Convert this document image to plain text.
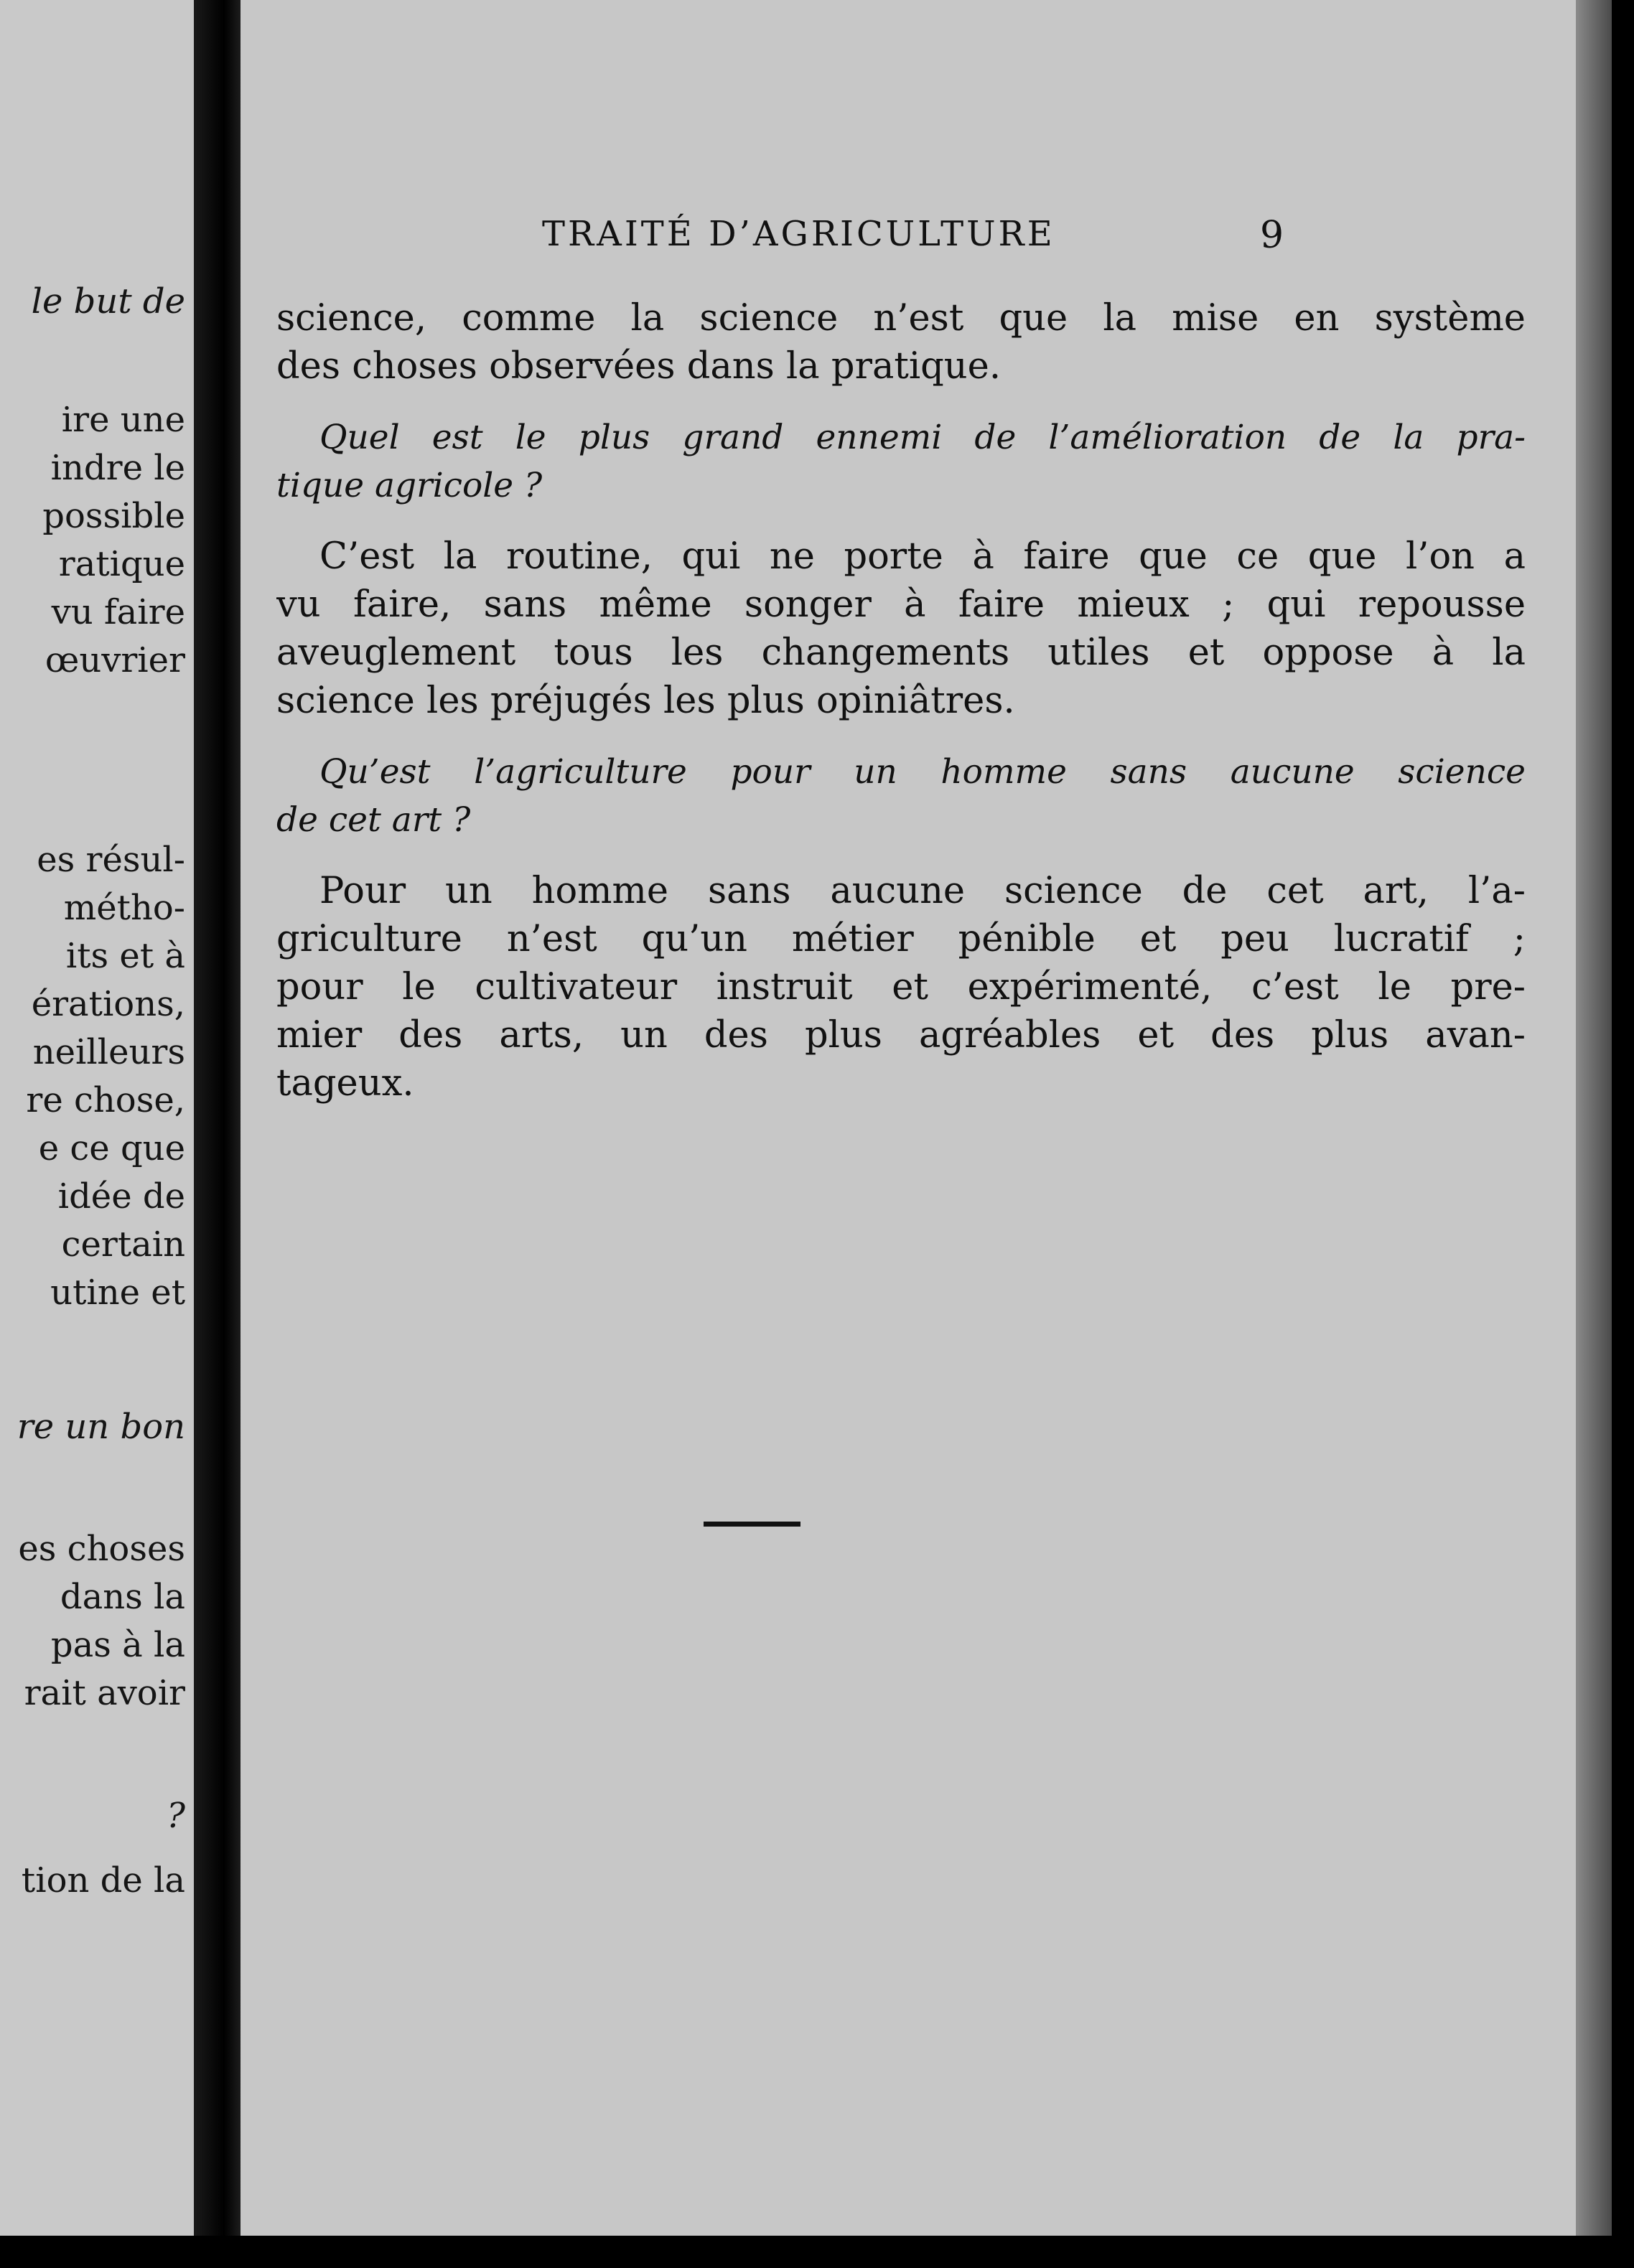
le but de
ire une
indre le
possible
ratique
vu faire
œuvrier
es résul-
métho-
its et à
érations,
neilleurs
re chose,
e ce que
idée de
certain
utine et
re un bon
es choses
dans la
pas à la
rait avoir
?
tion de la
TRAITÉ D’AGRICULTURE	9
science, comme la science n’est que la mise en système
des choses observées dans la pratique.
Quel est le plus grand ennemi de l’amélioration de la pra-
tique agricole ?
C’est la routine, qui ne porte à faire que ce que l’on a
vu faire, sans même songer à faire mieux ; qui repousse
aveuglement tous les changements utiles et oppose à la
science les préjugés les plus opiniâtres.
Qu’est l’agriculture pour un homme sans aucune science
de cet art ?
Pour un homme sans aucune science de cet art, l’a-
griculture n’est qu’un métier pénible et peu lucratif ;
pour le cultivateur instruit et expérimenté, c’est le pre-
mier des arts, un des plus agréables et des plus avan-
tageux.
